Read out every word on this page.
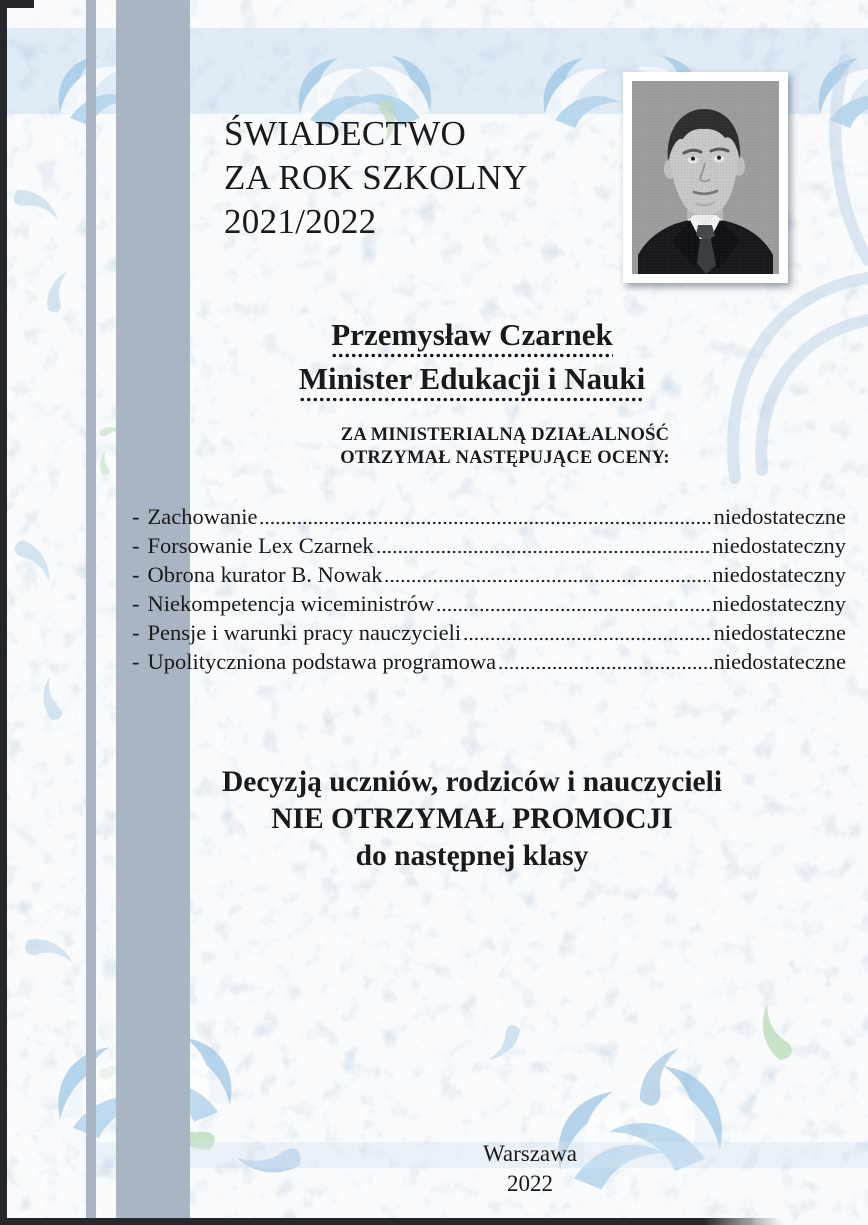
ŚWIADECTWO
ZA ROK SZKOLNY
2021/2022
Przemysław Czarnek

Minister Edukacji i Nauki
ZA MINISTERIALNĄ DZIAŁALNOŚĆ
OTRZYMAŁ NASTĘPUJĄCE OCENY:
- Zachowanie	niedostateczne
- Forsowanie Lex Czarnek	niedostateczny
- Obrona kurator B. Nowak	niedostateczny
- Niekompetencja wiceministrów	niedostateczny
- Pensje i warunki pracy nauczycieli	niedostateczne
- Upolityczniona podstawa programowa	niedostateczne
Decyzją uczniów, rodziców i nauczycieli
NIE OTRZYMAŁ PROMOCJI
do następnej klasy
Warszawa
2022
